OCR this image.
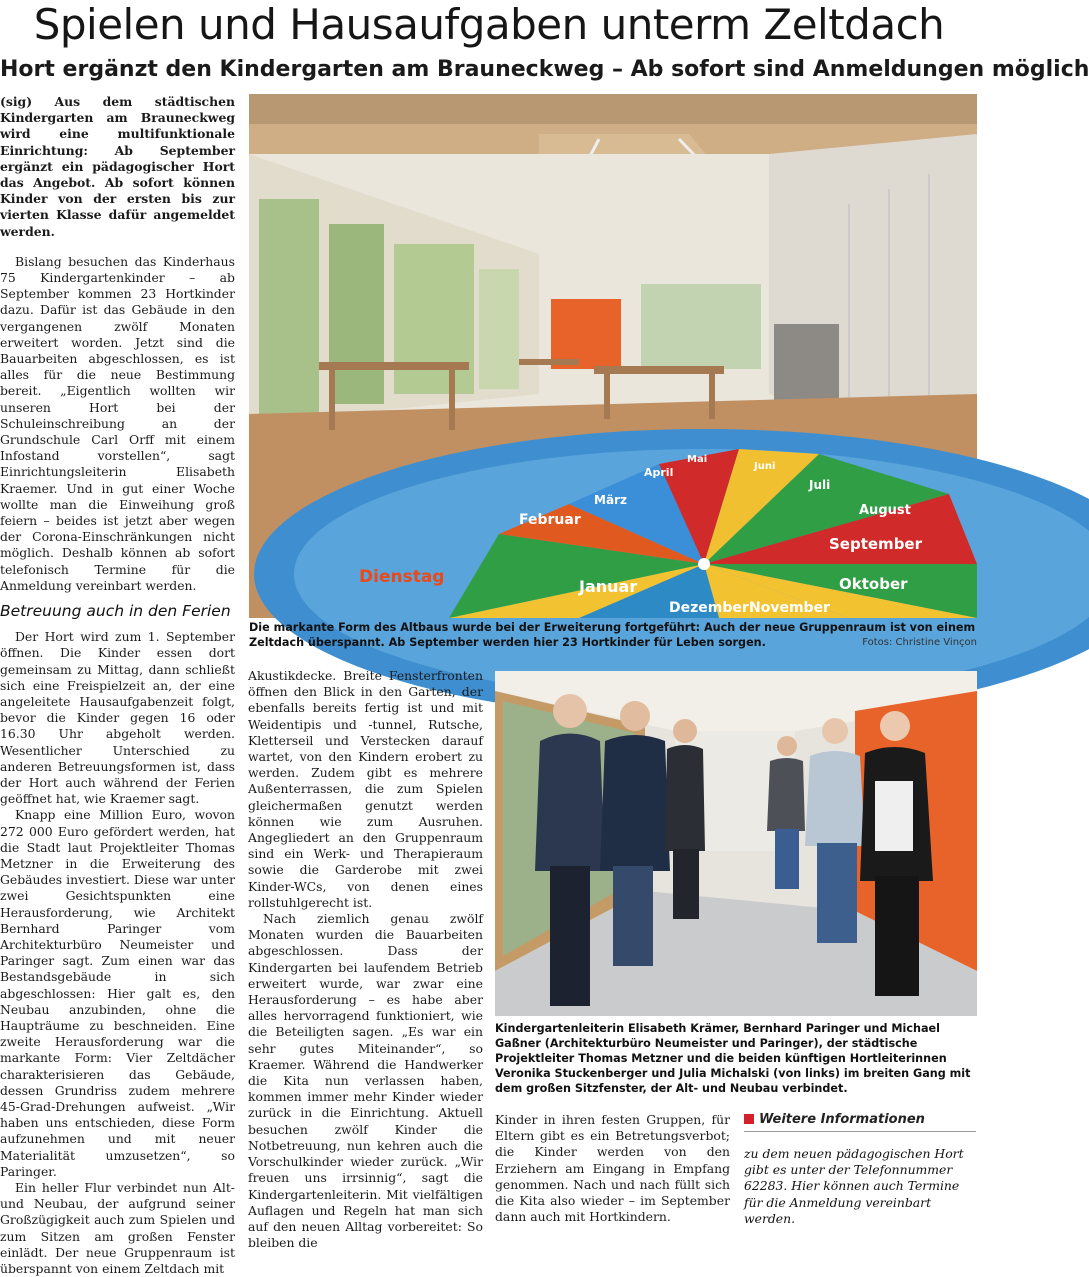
Spielen und Hausaufgaben unterm Zeltdach
Hort ergänzt den Kindergarten am Brauneckweg – Ab sofort sind Anmeldungen möglich

(sig) Aus dem städtischen Kindergarten am Brauneckweg wird eine multifunktionale Einrichtung: Ab September ergänzt ein pädagogischer Hort das Angebot. Ab sofort können Kinder von der ersten bis zur vierten Klasse dafür angemeldet werden.

Bislang besuchen das Kinderhaus 75 Kindergartenkinder – ab September kommen 23 Hortkinder dazu. Dafür ist das Gebäude in den vergangenen zwölf Monaten erweitert worden. Jetzt sind die Bauarbeiten abgeschlossen, es ist alles für die neue Bestimmung bereit. „Eigentlich wollten wir unseren Hort bei der Schuleinschreibung an der Grundschule Carl Orff mit einem Infostand vorstellen“, sagt Einrichtungsleiterin Elisabeth Kraemer. Und in gut einer Woche wollte man die Einweihung groß feiern – beides ist jetzt aber wegen der Corona-Einschränkungen nicht möglich. Deshalb können ab sofort telefonisch Termine für die Anmeldung vereinbart werden.

Betreuung auch in den Ferien

Der Hort wird zum 1. September öffnen. Die Kinder essen dort gemeinsam zu Mittag, dann schließt sich eine Freispielzeit an, der eine angeleitete Hausaufgabenzeit folgt, bevor die Kinder gegen 16 oder 16.30 Uhr abgeholt werden. Wesentlicher Unterschied zu anderen Betreuungsformen ist, dass der Hort auch während der Ferien geöffnet hat, wie Kraemer sagt.

Knapp eine Million Euro, wovon 272 000 Euro gefördert werden, hat die Stadt laut Projektleiter Thomas Metzner in die Erweiterung des Gebäudes investiert. Diese war unter zwei Gesichtspunkten eine Herausforderung, wie Architekt Bernhard Paringer vom Architekturbüro Neumeister und Paringer sagt. Zum einen war das Bestandsgebäude in sich abgeschlossen: Hier galt es, den Neubau anzubinden, ohne die Haupträume zu beschneiden. Eine zweite Herausforderung war die markante Form: Vier Zeltdächer charakterisieren das Gebäude, dessen Grundriss zudem mehrere 45-Grad-Drehungen aufweist. „Wir haben uns entschieden, diese Form aufzunehmen und mit neuer Materialität umzusetzen“, so Paringer.

Ein heller Flur verbindet nun Alt- und Neubau, der aufgrund seiner Großzügigkeit auch zum Spielen und zum Sitzen am großen Fenster einlädt. Der neue Gruppenraum ist überspannt von einem Zeltdach mit

Januar
Februar
März
April
Mai
Juni
Juli
August
September
Oktober
November
Dezember
Dienstag
Die markante Form des Altbaus wurde bei der Erweiterung fortgeführt: Auch der neue Gruppenraum ist von einem Zeltdach überspannt. Ab September werden hier 23 Hortkinder für Leben sorgen.	Fotos: Christine Vinçon

Akustikdecke. Breite Fensterfronten öffnen den Blick in den Garten, der ebenfalls bereits fertig ist und mit Weidentipis und -tunnel, Rutsche, Kletterseil und Verstecken darauf wartet, von den Kindern erobert zu werden. Zudem gibt es mehrere Außenterrassen, die zum Spielen gleichermaßen genutzt werden können wie zum Ausruhen. Angegliedert an den Gruppenraum sind ein Werk- und Therapieraum sowie die Garderobe mit zwei Kinder-WCs, von denen eines rollstuhlgerecht ist.

Nach ziemlich genau zwölf Monaten wurden die Bauarbeiten abgeschlossen. Dass der Kindergarten bei laufendem Betrieb erweitert wurde, war zwar eine Herausforderung – es habe aber alles hervorragend funktioniert, wie die Beteiligten sagen. „Es war ein sehr gutes Miteinander“, so Kraemer. Während die Handwerker die Kita nun verlassen haben, kommen immer mehr Kinder wieder zurück in die Einrichtung. Aktuell besuchen zwölf Kinder die Notbetreuung, nun kehren auch die Vorschulkinder wieder zurück. „Wir freuen uns irrsinnig“, sagt die Kindergartenleiterin. Mit vielfältigen Auflagen und Regeln hat man sich auf den neuen Alltag vorbereitet: So bleiben die

Kindergartenleiterin Elisabeth Krämer, Bernhard Paringer und Michael Gaßner (Architekturbüro Neumeister und Paringer), der städtische Projektleiter Thomas Metzner und die beiden künftigen Hortleiterinnen Veronika Stuckenberger und Julia Michalski (von links) im breiten Gang mit dem großen Sitzfenster, der Alt- und Neubau verbindet.

Kinder in ihren festen Gruppen, für Eltern gibt es ein Betretungsverbot; die Kinder werden von den Erziehern am Eingang in Empfang genommen. Nach und nach füllt sich die Kita also wieder – im September dann auch mit Hortkindern.

Weitere Informationen
zu dem neuen pädagogischen Hort gibt es unter der Telefonnummer 62283. Hier können auch Termine für die Anmeldung vereinbart werden.
